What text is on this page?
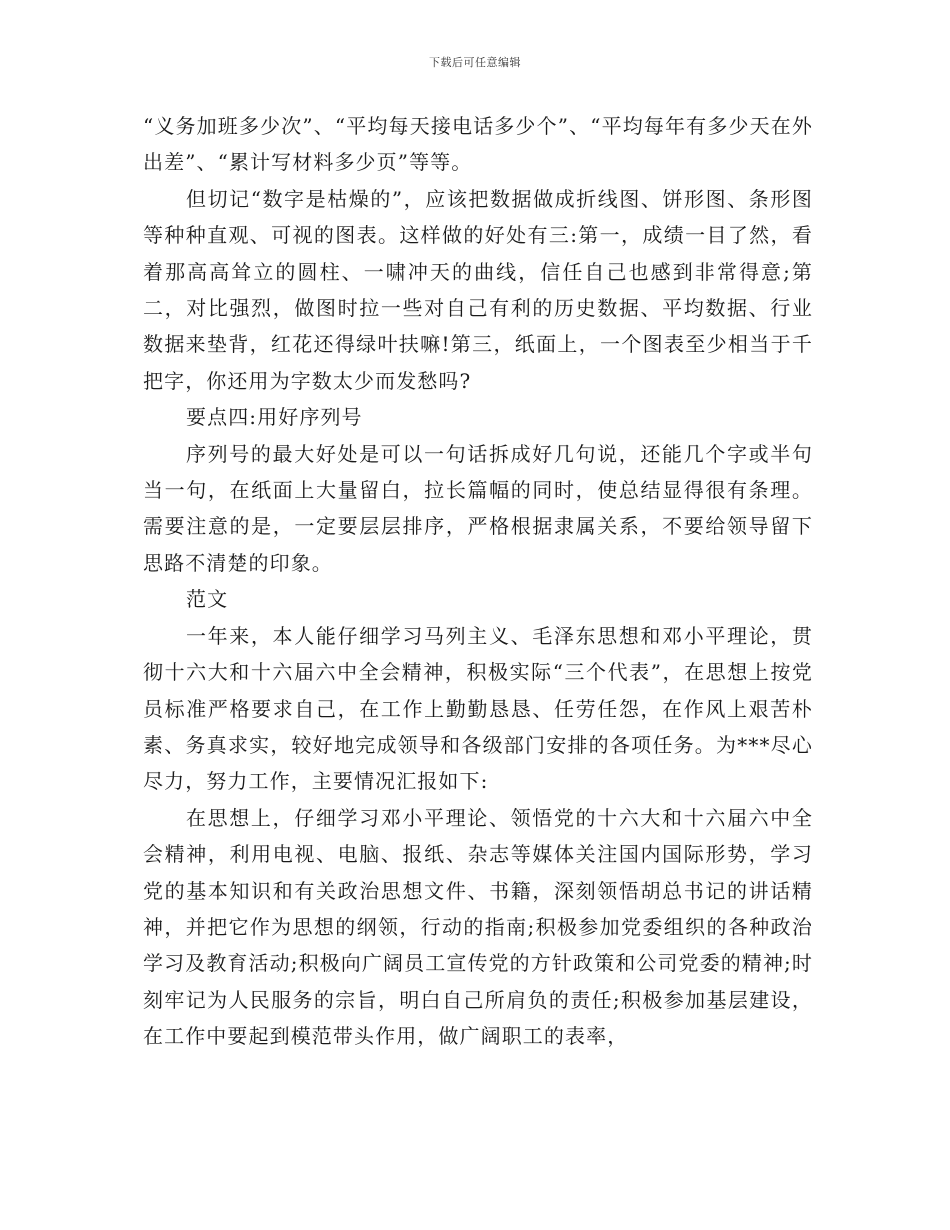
下载后可任意编辑

“义务加班多少次”、“平均每天接电话多少个”、“平均每年有多少天在外出差”、“累计写材料多少页”等等。

但切记“数字是枯燥的”，应该把数据做成折线图、饼形图、条形图等种种直观、可视的图表。这样做的好处有三:第一，成绩一目了然，看着那高高耸立的圆柱、一啸冲天的曲线，信任自己也感到非常得意;第二，对比强烈，做图时拉一些对自己有利的历史数据、平均数据、行业数据来垫背，红花还得绿叶扶嘛!第三，纸面上，一个图表至少相当于千把字，你还用为字数太少而发愁吗?

要点四:用好序列号

序列号的最大好处是可以一句话拆成好几句说，还能几个字或半句当一句，在纸面上大量留白，拉长篇幅的同时，使总结显得很有条理。需要注意的是，一定要层层排序，严格根据隶属关系，不要给领导留下思路不清楚的印象。

范文

一年来，本人能仔细学习马列主义、毛泽东思想和邓小平理论，贯彻十六大和十六届六中全会精神，积极实际“三个代表”，在思想上按党员标准严格要求自己，在工作上勤勤恳恳、任劳任怨，在作风上艰苦朴素、务真求实，较好地完成领导和各级部门安排的各项任务。为***尽心尽力，努力工作，主要情况汇报如下:

在思想上，仔细学习邓小平理论、领悟党的十六大和十六届六中全会精神，利用电视、电脑、报纸、杂志等媒体关注国内国际形势，学习党的基本知识和有关政治思想文件、书籍，深刻领悟胡总书记的讲话精神，并把它作为思想的纲领，行动的指南;积极参加党委组织的各种政治学习及教育活动;积极向广阔员工宣传党的方针政策和公司党委的精神;时刻牢记为人民服务的宗旨，明白自己所肩负的责任;积极参加基层建设，在工作中要起到模范带头作用，做广阔职工的表率，
